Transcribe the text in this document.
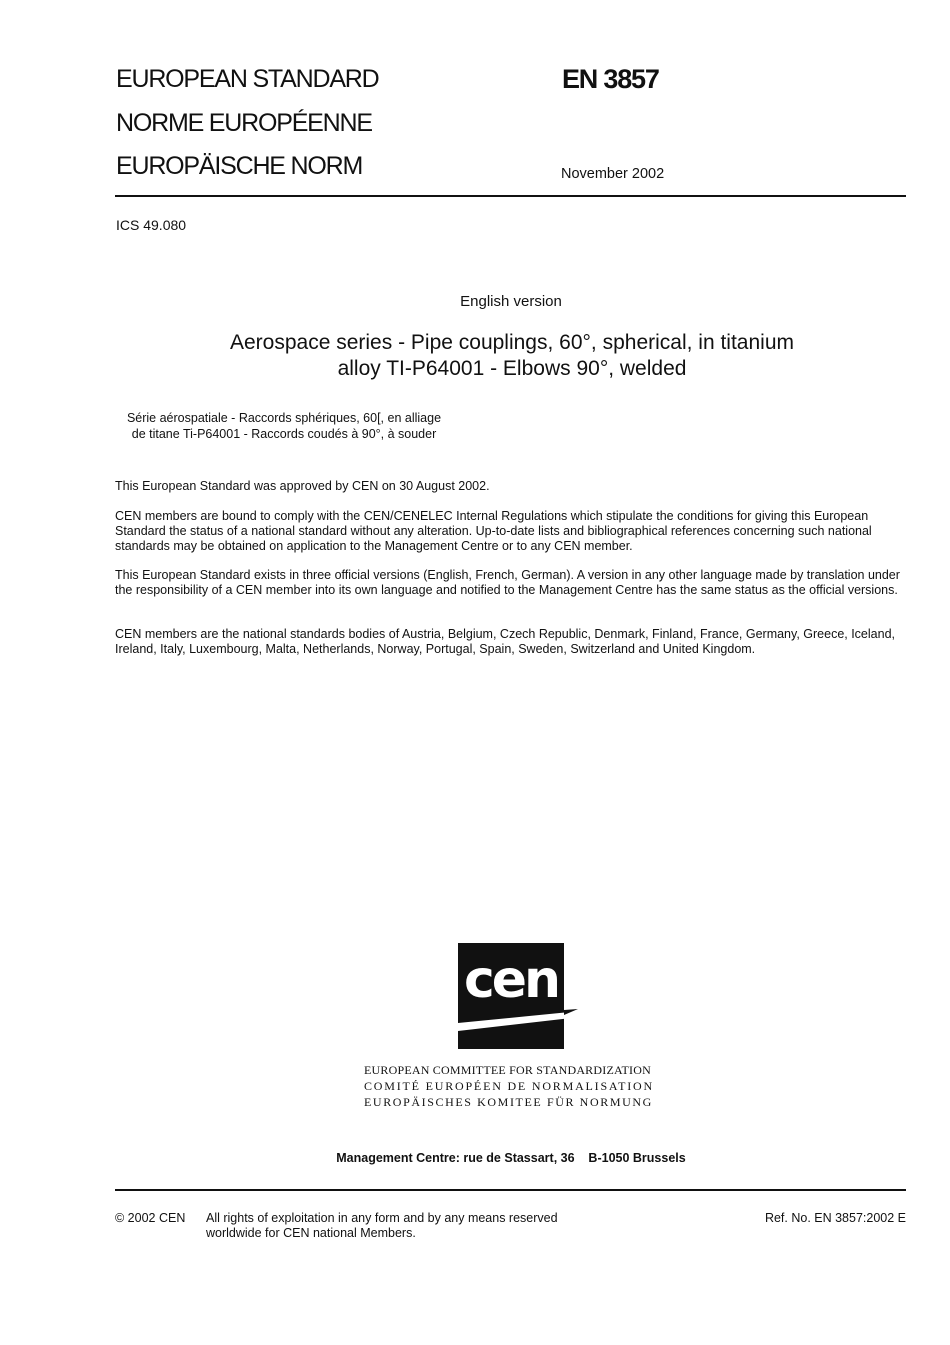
EUROPEAN STANDARD
NORME EUROPÉENNE
EUROPÄISCHE NORM
EN 3857
November 2002
ICS 49.080
English version
Aerospace series - Pipe couplings, 60°, spherical, in titanium
alloy TI-P64001 - Elbows 90°, welded
Série aérospatiale - Raccords sphériques, 60[, en alliage
de titane Ti-P64001 - Raccords coudés à 90°, à souder
This European Standard was approved by CEN on 30 August 2002.
CEN members are bound to comply with the CEN/CENELEC Internal Regulations which stipulate the conditions for giving this European Standard the status of a national standard without any alteration. Up-to-date lists and bibliographical references concerning such national standards may be obtained on application to the Management Centre or to any CEN member.
This European Standard exists in three official versions (English, French, German). A version in any other language made by translation under the responsibility of a CEN member into its own language and notified to the Management Centre has the same status as the official versions.
CEN members are the national standards bodies of Austria, Belgium, Czech Republic, Denmark, Finland, France, Germany, Greece, Iceland, Ireland, Italy, Luxembourg, Malta, Netherlands, Norway, Portugal, Spain, Sweden, Switzerland and United Kingdom.
cen
EUROPEAN COMMITTEE FOR STANDARDIZATION
COMITÉ EUROPÉEN DE NORMALISATION
EUROPÄISCHES KOMITEE FÜR NORMUNG
Management Centre: rue de Stassart, 36    B-1050 Brussels
© 2002 CEN All rights of exploitation in any form and by any means reserved
worldwide for CEN national Members.
Ref. No. EN 3857:2002 E
